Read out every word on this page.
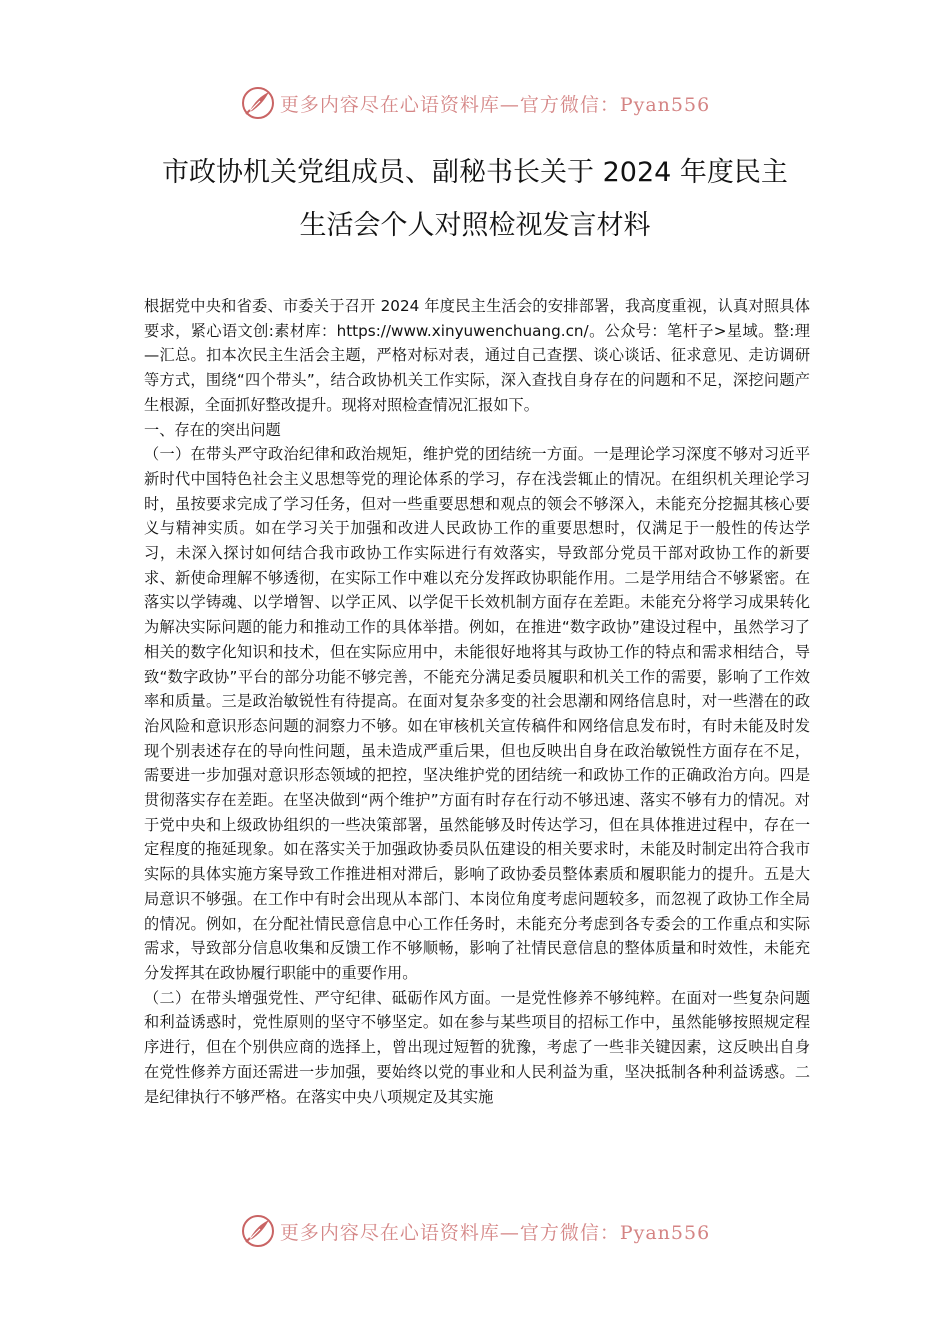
更多内容尽在心语资料库—官方微信：Pyan556
市政协机关党组成员、副秘书长关于 2024 年度民主
生活会个人对照检视发言材料

根据党中央和省委、市委关于召开 2024 年度民主生活会的安排部署，我高度重视，认真对照具体要求，紧心语文创:素材库：https://www.xinyuwenchuang.cn/。公众号：笔杆子>星域。整:理—汇总。扣本次民主生活会主题，严格对标对表，通过自己查摆、谈心谈话、征求意见、走访调研等方式，围绕“四个带头”，结合政协机关工作实际，深入查找自身存在的问题和不足，深挖问题产生根源，全面抓好整改提升。现将对照检查情况汇报如下。

一、存在的突出问题

（一）在带头严守政治纪律和政治规矩，维护党的团结统一方面。一是理论学习深度不够对习近平新时代中国特色社会主义思想等党的理论体系的学习，存在浅尝辄止的情况。在组织机关理论学习时，虽按要求完成了学习任务，但对一些重要思想和观点的领会不够深入，未能充分挖掘其核心要义与精神实质。如在学习关于加强和改进人民政协工作的重要思想时，仅满足于一般性的传达学习，未深入探讨如何结合我市政协工作实际进行有效落实，导致部分党员干部对政协工作的新要求、新使命理解不够透彻，在实际工作中难以充分发挥政协职能作用。二是学用结合不够紧密。在落实以学铸魂、以学增智、以学正风、以学促干长效机制方面存在差距。未能充分将学习成果转化为解决实际问题的能力和推动工作的具体举措。例如，在推进“数字政协”建设过程中，虽然学习了相关的数字化知识和技术，但在实际应用中，未能很好地将其与政协工作的特点和需求相结合，导致“数字政协”平台的部分功能不够完善，不能充分满足委员履职和机关工作的需要，影响了工作效率和质量。三是政治敏锐性有待提高。在面对复杂多变的社会思潮和网络信息时，对一些潜在的政治风险和意识形态问题的洞察力不够。如在审核机关宣传稿件和网络信息发布时，有时未能及时发现个别表述存在的导向性问题，虽未造成严重后果，但也反映出自身在政治敏锐性方面存在不足，需要进一步加强对意识形态领域的把控，坚决维护党的团结统一和政协工作的正确政治方向。四是贯彻落实存在差距。在坚决做到“两个维护”方面有时存在行动不够迅速、落实不够有力的情况。对于党中央和上级政协组织的一些决策部署，虽然能够及时传达学习，但在具体推进过程中，存在一定程度的拖延现象。如在落实关于加强政协委员队伍建设的相关要求时，未能及时制定出符合我市实际的具体实施方案导致工作推进相对滞后，影响了政协委员整体素质和履职能力的提升。五是大局意识不够强。在工作中有时会出现从本部门、本岗位角度考虑问题较多，而忽视了政协工作全局的情况。例如，在分配社情民意信息中心工作任务时，未能充分考虑到各专委会的工作重点和实际需求，导致部分信息收集和反馈工作不够顺畅，影响了社情民意信息的整体质量和时效性，未能充分发挥其在政协履行职能中的重要作用。

（二）在带头增强党性、严守纪律、砥砺作风方面。一是党性修养不够纯粹。在面对一些复杂问题和利益诱惑时，党性原则的坚守不够坚定。如在参与某些项目的招标工作中，虽然能够按照规定程序进行，但在个别供应商的选择上，曾出现过短暂的犹豫，考虑了一些非关键因素，这反映出自身在党性修养方面还需进一步加强，要始终以党的事业和人民利益为重，坚决抵制各种利益诱惑。二是纪律执行不够严格。在落实中央八项规定及其实施

更多内容尽在心语资料库—官方微信：Pyan556
